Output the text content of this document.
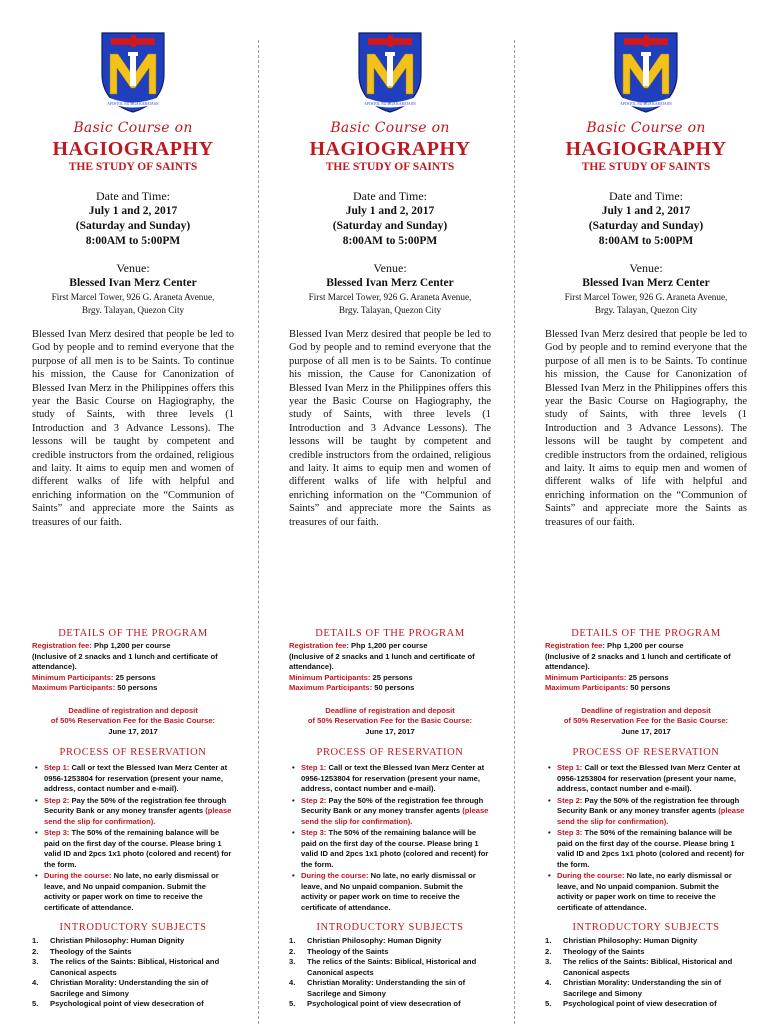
APOSTOL NG MGA KABATAAN
Basic Course on
HAGIOGRAPHY
THE STUDY OF SAINTS
Date and Time:
July 1 and 2, 2017
(Saturday and Sunday)
8:00AM to 5:00PM
Venue:
Blessed Ivan Merz Center
First Marcel Tower, 926 G. Araneta Avenue,
Brgy. Talayan, Quezon City
Blessed Ivan Merz desired that people be led to God by people and to remind everyone that the purpose of all men is to be Saints. To continue his mission, the Cause for Canonization of Blessed Ivan Merz in the Philippines offers this year the Basic Course on Hagiography, the study of Saints, with three levels (1 Introduction and 3 Advance Lessons). The lessons will be taught by competent and credible instructors from the ordained, religious and laity. It aims to equip men and women of different walks of life with helpful and enriching information on the “Communion of Saints” and appreciate more the Saints as treasures of our faith.
DETAILS OF THE PROGRAM
Registration fee: Php 1,200 per course
(Inclusive of 2 snacks and 1 lunch and certificate of attendance).
Minimum Participants: 25 persons
Maximum Participants: 50 persons
Deadline of registration and deposit
of 50% Reservation Fee for the Basic Course:
June 17, 2017
PROCESS OF RESERVATION
• Step 1: Call or text the Blessed Ivan Merz Center at 0956-1253804 for reservation (present your name, address, contact number and e-mail).
• Step 2: Pay the 50% of the registration fee through Security Bank or any money transfer agents (please send the slip for confirmation).
• Step 3: The 50% of the remaining balance will be paid on the first day of the course. Please bring 1 valid ID and 2pcs 1x1 photo (colored and recent) for the form.
• During the course: No late, no early dismissal or leave, and No unpaid companion. Submit the activity or paper work on time to receive the certificate of attendance.
INTRODUCTORY SUBJECTS
1. Christian Philosophy: Human Dignity
2. Theology of the Saints
3. The relics of the Saints: Biblical, Historical and Canonical aspects
4. Christian Morality: Understanding the sin of Sacrilege and Simony
5. Psychological point of view desecration of
APOSTOL NG MGA KABATAAN
Basic Course on
HAGIOGRAPHY
THE STUDY OF SAINTS
Date and Time:
July 1 and 2, 2017
(Saturday and Sunday)
8:00AM to 5:00PM
Venue:
Blessed Ivan Merz Center
First Marcel Tower, 926 G. Araneta Avenue,
Brgy. Talayan, Quezon City
Blessed Ivan Merz desired that people be led to God by people and to remind everyone that the purpose of all men is to be Saints. To continue his mission, the Cause for Canonization of Blessed Ivan Merz in the Philippines offers this year the Basic Course on Hagiography, the study of Saints, with three levels (1 Introduction and 3 Advance Lessons). The lessons will be taught by competent and credible instructors from the ordained, religious and laity. It aims to equip men and women of different walks of life with helpful and enriching information on the “Communion of Saints” and appreciate more the Saints as treasures of our faith.
DETAILS OF THE PROGRAM
Registration fee: Php 1,200 per course
(Inclusive of 2 snacks and 1 lunch and certificate of attendance).
Minimum Participants: 25 persons
Maximum Participants: 50 persons
Deadline of registration and deposit
of 50% Reservation Fee for the Basic Course:
June 17, 2017
PROCESS OF RESERVATION
• Step 1: Call or text the Blessed Ivan Merz Center at 0956-1253804 for reservation (present your name, address, contact number and e-mail).
• Step 2: Pay the 50% of the registration fee through Security Bank or any money transfer agents (please send the slip for confirmation).
• Step 3: The 50% of the remaining balance will be paid on the first day of the course. Please bring 1 valid ID and 2pcs 1x1 photo (colored and recent) for the form.
• During the course: No late, no early dismissal or leave, and No unpaid companion. Submit the activity or paper work on time to receive the certificate of attendance.
INTRODUCTORY SUBJECTS
1. Christian Philosophy: Human Dignity
2. Theology of the Saints
3. The relics of the Saints: Biblical, Historical and Canonical aspects
4. Christian Morality: Understanding the sin of Sacrilege and Simony
5. Psychological point of view desecration of
APOSTOL NG MGA KABATAAN
Basic Course on
HAGIOGRAPHY
THE STUDY OF SAINTS
Date and Time:
July 1 and 2, 2017
(Saturday and Sunday)
8:00AM to 5:00PM
Venue:
Blessed Ivan Merz Center
First Marcel Tower, 926 G. Araneta Avenue,
Brgy. Talayan, Quezon City
Blessed Ivan Merz desired that people be led to God by people and to remind everyone that the purpose of all men is to be Saints. To continue his mission, the Cause for Canonization of Blessed Ivan Merz in the Philippines offers this year the Basic Course on Hagiography, the study of Saints, with three levels (1 Introduction and 3 Advance Lessons). The lessons will be taught by competent and credible instructors from the ordained, religious and laity. It aims to equip men and women of different walks of life with helpful and enriching information on the “Communion of Saints” and appreciate more the Saints as treasures of our faith.
DETAILS OF THE PROGRAM
Registration fee: Php 1,200 per course
(Inclusive of 2 snacks and 1 lunch and certificate of attendance).
Minimum Participants: 25 persons
Maximum Participants: 50 persons
Deadline of registration and deposit
of 50% Reservation Fee for the Basic Course:
June 17, 2017
PROCESS OF RESERVATION
• Step 1: Call or text the Blessed Ivan Merz Center at 0956-1253804 for reservation (present your name, address, contact number and e-mail).
• Step 2: Pay the 50% of the registration fee through Security Bank or any money transfer agents (please send the slip for confirmation).
• Step 3: The 50% of the remaining balance will be paid on the first day of the course. Please bring 1 valid ID and 2pcs 1x1 photo (colored and recent) for the form.
• During the course: No late, no early dismissal or leave, and No unpaid companion. Submit the activity or paper work on time to receive the certificate of attendance.
INTRODUCTORY SUBJECTS
1. Christian Philosophy: Human Dignity
2. Theology of the Saints
3. The relics of the Saints: Biblical, Historical and Canonical aspects
4. Christian Morality: Understanding the sin of Sacrilege and Simony
5. Psychological point of view desecration of
